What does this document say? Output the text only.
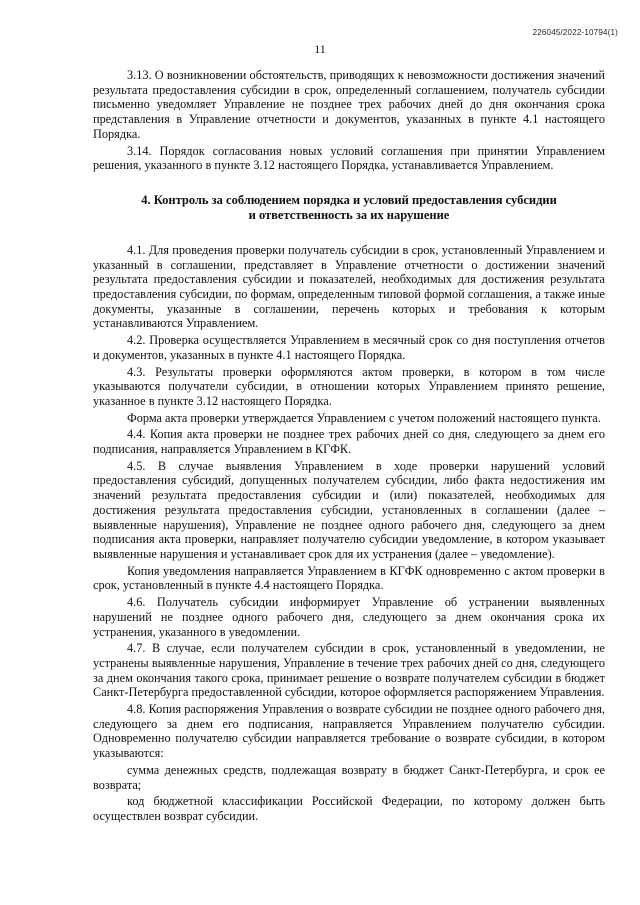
226045/2022-10794(1)
11

3.13. О возникновении обстоятельств, приводящих к невозможности достижения значений результата предоставления субсидии в срок, определенный соглашением, получатель субсидии письменно уведомляет Управление не позднее трех рабочих дней до дня окончания срока представления в Управление отчетности и документов, указанных в пункте 4.1 настоящего Порядка.

3.14. Порядок согласования новых условий соглашения при принятии Управлением решения, указанного в пункте 3.12 настоящего Порядка, устанавливается Управлением.

4. Контроль за соблюдением порядка и условий предоставления субсидии
и ответственность за их нарушение

4.1. Для проведения проверки получатель субсидии в срок, установленный Управлением и указанный в соглашении, представляет в Управление отчетности о достижении значений результата предоставления субсидии и показателей, необходимых для достижения результата предоставления субсидии, по формам, определенным типовой формой соглашения, а также иные документы, указанные в соглашении, перечень которых и требования к которым устанавливаются Управлением.

4.2. Проверка осуществляется Управлением в месячный срок со дня поступления отчетов и документов, указанных в пункте 4.1 настоящего Порядка.

4.3. Результаты проверки оформляются актом проверки, в котором в том числе указываются получатели субсидии, в отношении которых Управлением принято решение, указанное в пункте 3.12 настоящего Порядка.

Форма акта проверки утверждается Управлением с учетом положений настоящего пункта.

4.4. Копия акта проверки не позднее трех рабочих дней со дня, следующего за днем его подписания, направляется Управлением в КГФК.

4.5. В случае выявления Управлением в ходе проверки нарушений условий предоставления субсидий, допущенных получателем субсидии, либо факта недостижения им значений результата предоставления субсидии и (или) показателей, необходимых для достижения результата предоставления субсидии, установленных в соглашении (далее – выявленные нарушения), Управление не позднее одного рабочего дня, следующего за днем подписания акта проверки, направляет получателю субсидии уведомление, в котором указывает выявленные нарушения и устанавливает срок для их устранения (далее – уведомление).

Копия уведомления направляется Управлением в КГФК одновременно с актом проверки в срок, установленный в пункте 4.4 настоящего Порядка.

4.6. Получатель субсидии информирует Управление об устранении выявленных нарушений не позднее одного рабочего дня, следующего за днем окончания срока их устранения, указанного в уведомлении.

4.7. В случае, если получателем субсидии в срок, установленный в уведомлении, не устранены выявленные нарушения, Управление в течение трех рабочих дней со дня, следующего за днем окончания такого срока, принимает решение о возврате получателем субсидии в бюджет Санкт-Петербурга предоставленной субсидии, которое оформляется распоряжением Управления.

4.8. Копия распоряжения Управления о возврате субсидии не позднее одного рабочего дня, следующего за днем его подписания, направляется Управлением получателю субсидии. Одновременно получателю субсидии направляется требование о возврате субсидии, в котором указываются:

сумма денежных средств, подлежащая возврату в бюджет Санкт-Петербурга, и срок ее возврата;

код бюджетной классификации Российской Федерации, по которому должен быть осуществлен возврат субсидии.
